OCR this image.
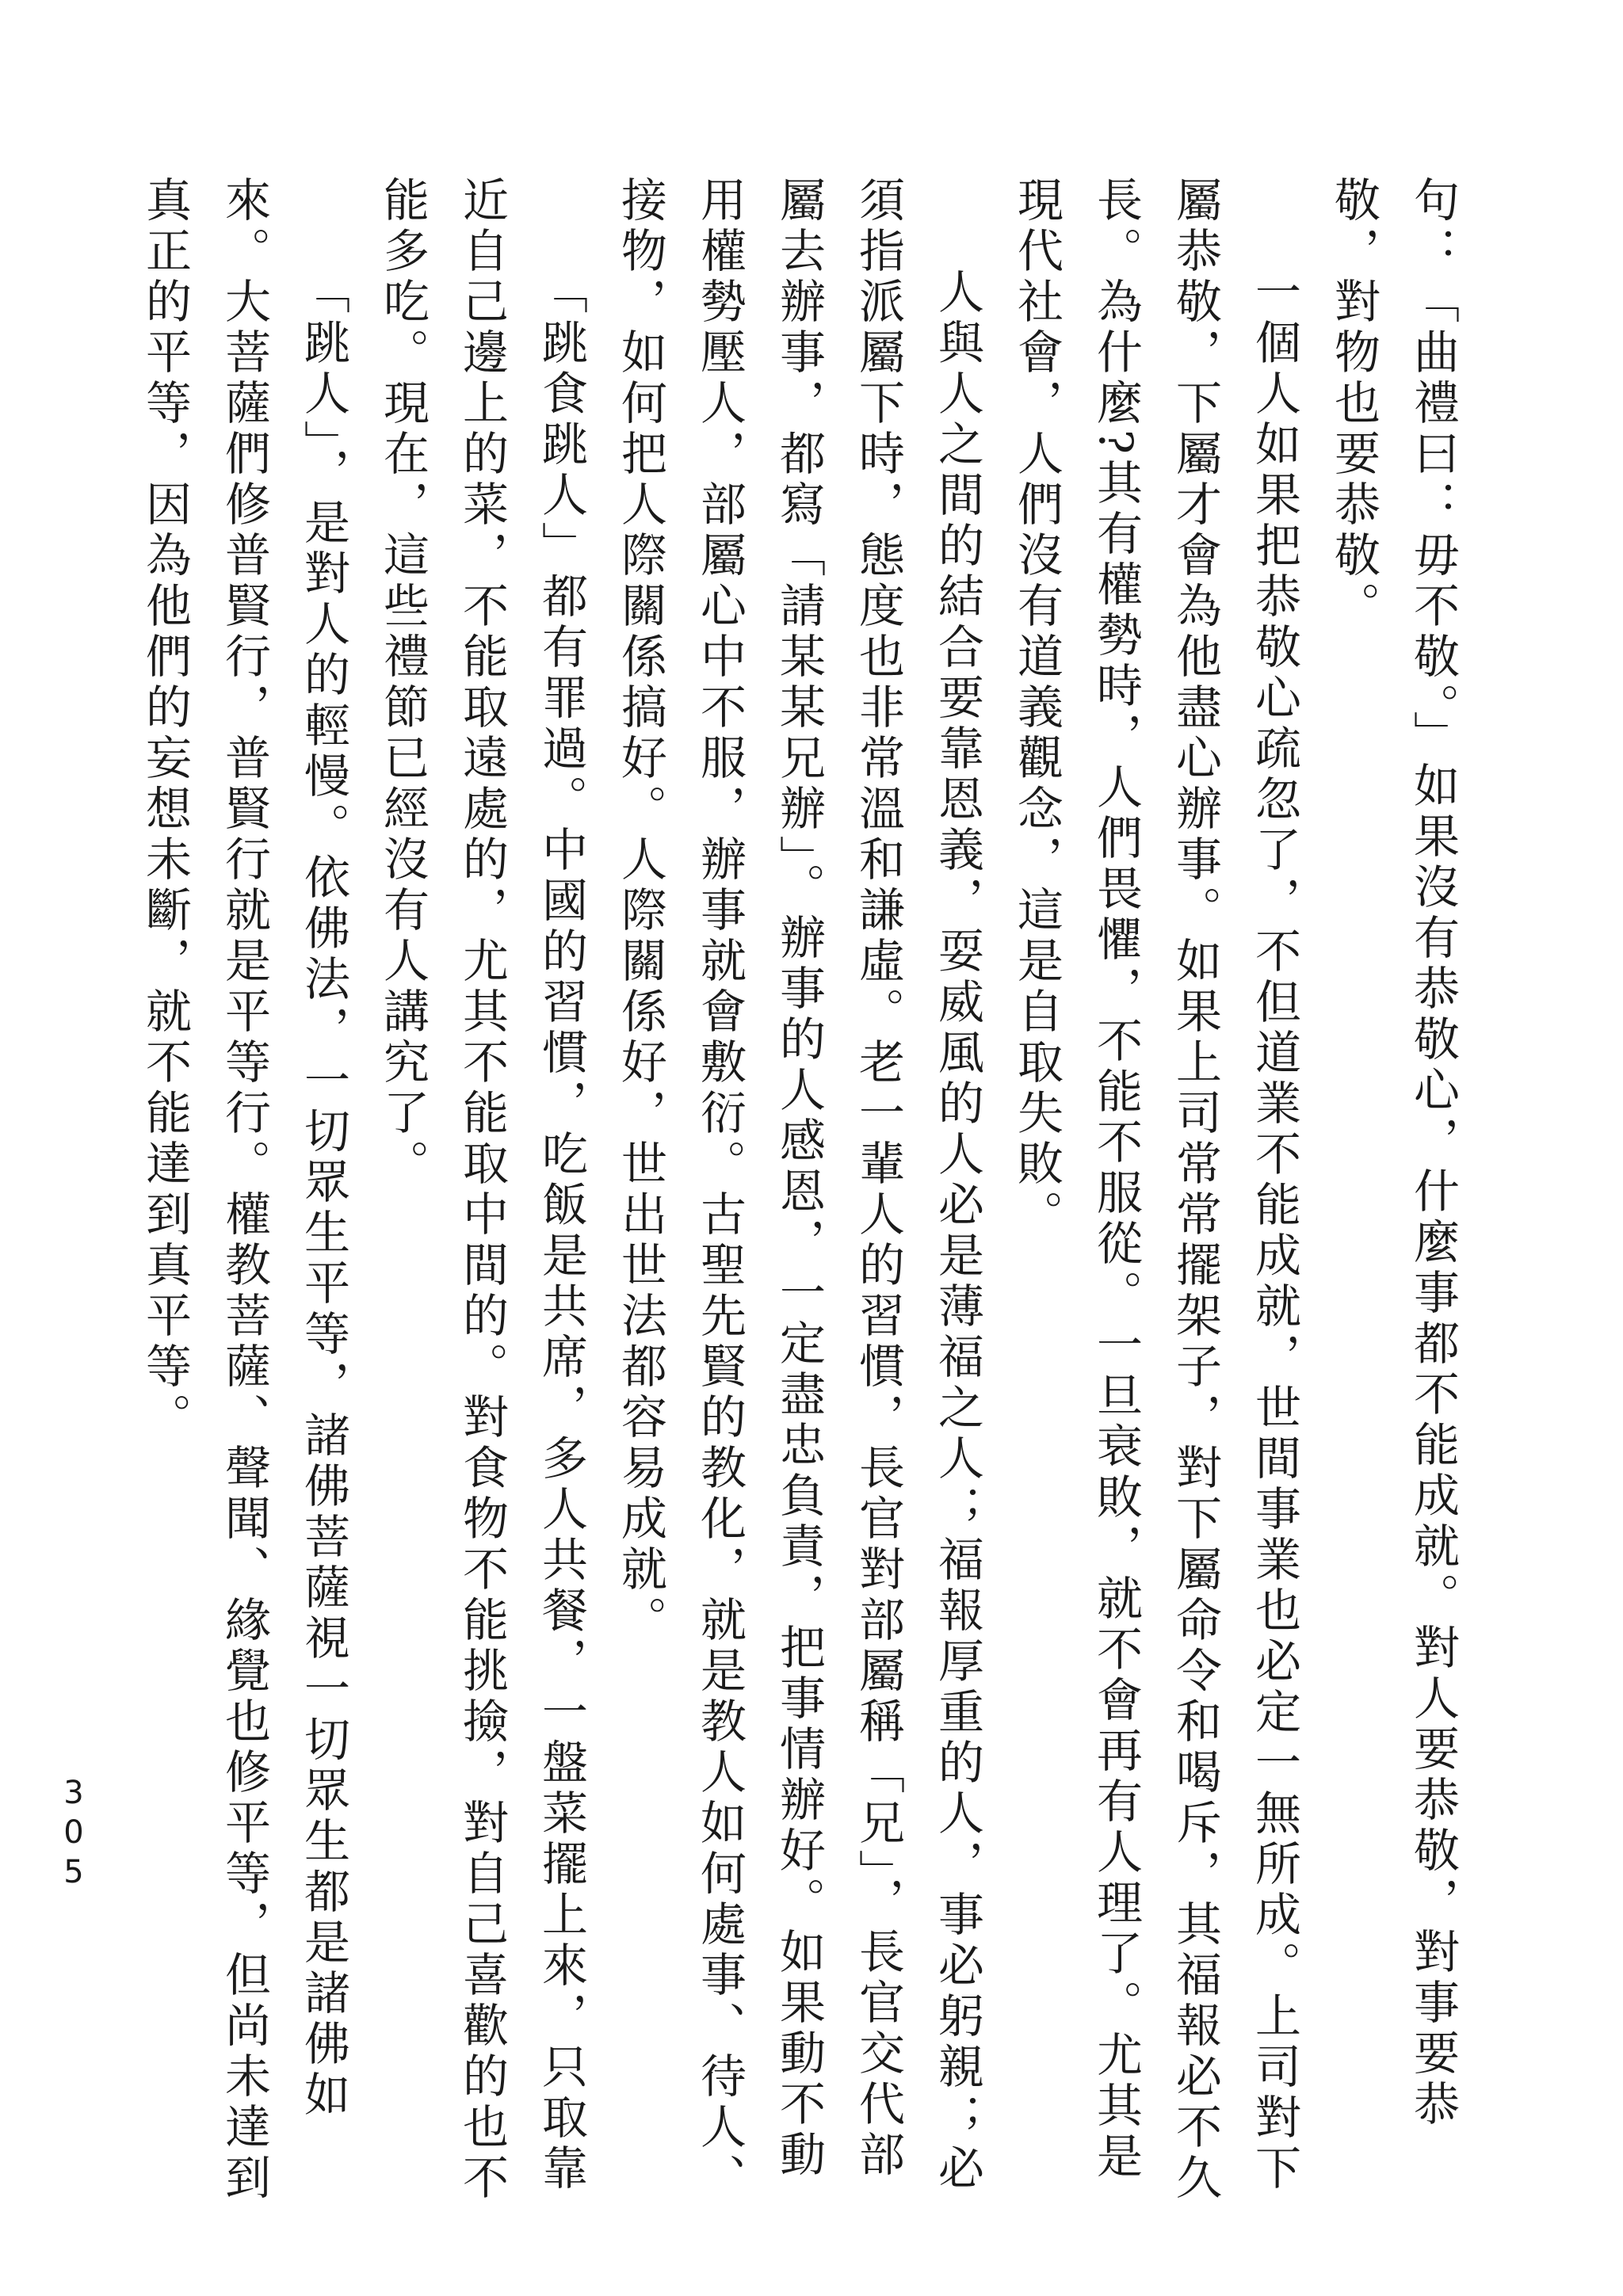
句：「曲禮曰：毋不敬。」如果沒有恭敬心，什麼事都不能成就。對人要恭敬，對事要恭敬，對物也要恭敬。

一個人如果把恭敬心疏忽了，不但道業不能成就，世間事業也必定一無所成。上司對下屬恭敬，下屬才會為他盡心辦事。如果上司常常擺架子，對下屬命令和喝斥，其福報必不久長。為什麼?其有權勢時，人們畏懼，不能不服從。一旦衰敗，就不會再有人理了。尤其是現代社會，人們沒有道義觀念，這是自取失敗。

人與人之間的結合要靠恩義，耍威風的人必是薄福之人；福報厚重的人，事必躬親；必須指派屬下時，態度也非常溫和謙虛。老一輩人的習慣，長官對部屬稱「兄」，長官交代部屬去辦事，都寫「請某某兄辦」。辦事的人感恩，一定盡忠負責，把事情辦好。如果動不動用權勢壓人，部屬心中不服，辦事就會敷衍。古聖先賢的教化，就是教人如何處事、待人、接物，如何把人際關係搞好。人際關係好，世出世法都容易成就。

「跳食跳人」都有罪過。中國的習慣，吃飯是共席，多人共餐，一盤菜擺上來，只取靠近自己邊上的菜，不能取遠處的，尤其不能取中間的。對食物不能挑撿，對自己喜歡的也不能多吃。現在，這些禮節已經沒有人講究了。

「跳人」，是對人的輕慢。依佛法，一切眾生平等，諸佛菩薩視一切眾生都是諸佛如來。大菩薩們修普賢行，普賢行就是平等行。權教菩薩、聲聞、緣覺也修平等，但尚未達到真正的平等，因為他們的妄想未斷，就不能達到真平等。

305
